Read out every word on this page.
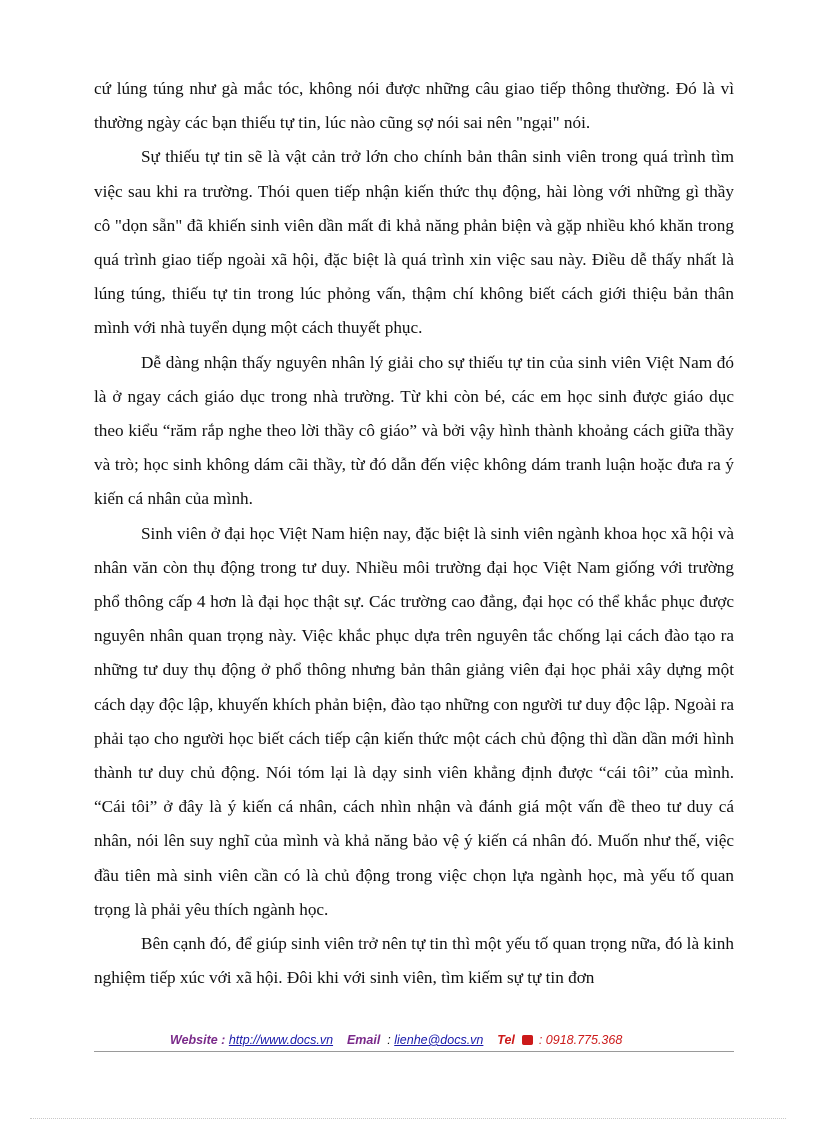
cứ lúng túng như gà mắc tóc, không nói được những câu giao tiếp thông thường. Đó là vì thường ngày các bạn thiếu tự tin, lúc nào cũng sợ nói sai nên "ngại" nói.

Sự thiếu tự tin sẽ là vật cản trở lớn cho chính bản thân sinh viên trong quá trình tìm việc sau khi ra trường. Thói quen tiếp nhận kiến thức thụ động, hài lòng với những gì thầy cô "dọn sẵn" đã khiến sinh viên dần mất đi khả năng phản biện và gặp nhiều khó khăn trong quá trình giao tiếp ngoài xã hội, đặc biệt là quá trình xin việc sau này. Điều dễ thấy nhất là lúng túng, thiếu tự tin trong lúc phỏng vấn, thậm chí không biết cách giới thiệu bản thân mình với nhà tuyển dụng một cách thuyết phục.

Dễ dàng nhận thấy nguyên nhân lý giải cho sự thiếu tự tin của sinh viên Việt Nam đó là ở ngay cách giáo dục trong nhà trường. Từ khi còn bé, các em học sinh được giáo dục theo kiểu “răm rắp nghe theo lời thầy cô giáo” và bởi vậy hình thành khoảng cách giữa thầy và trò; học sinh không dám cãi thầy, từ đó dẫn đến việc không dám tranh luận hoặc đưa ra ý kiến cá nhân của mình.

Sinh viên ở đại học Việt Nam hiện nay, đặc biệt là sinh viên ngành khoa học xã hội và nhân văn còn thụ động trong tư duy. Nhiều môi trường đại học Việt Nam giống với trường phổ thông cấp 4 hơn là đại học thật sự. Các trường cao đẳng, đại học có thể khắc phục được nguyên nhân quan trọng này. Việc khắc phục dựa trên nguyên tắc chống lại cách đào tạo ra những tư duy thụ động ở phổ thông nhưng bản thân giảng viên đại học phải xây dựng một cách dạy độc lập, khuyến khích phản biện, đào tạo những con người tư duy độc lập. Ngoài ra phải tạo cho người học biết cách tiếp cận kiến thức một cách chủ động thì dần dần mới hình thành tư duy chủ động. Nói tóm lại là dạy sinh viên khẳng định được “cái tôi” của mình. “Cái tôi” ở đây là ý kiến cá nhân, cách nhìn nhận và đánh giá một vấn đề theo tư duy cá nhân, nói lên suy nghĩ của mình và khả năng bảo vệ ý kiến cá nhân đó. Muốn như thế, việc đầu tiên mà sinh viên cần có là chủ động trong việc chọn lựa ngành học, mà yếu tố quan trọng là phải yêu thích ngành học.

Bên cạnh đó, để giúp sinh viên trở nên tự tin thì một yếu tố quan trọng nữa, đó là kinh nghiệm tiếp xúc với xã hội. Đôi khi với sinh viên, tìm kiếm sự tự tin đơn

Website : http://www.docs.vn Email : lienhe@docs.vn Tel : 0918.775.368
